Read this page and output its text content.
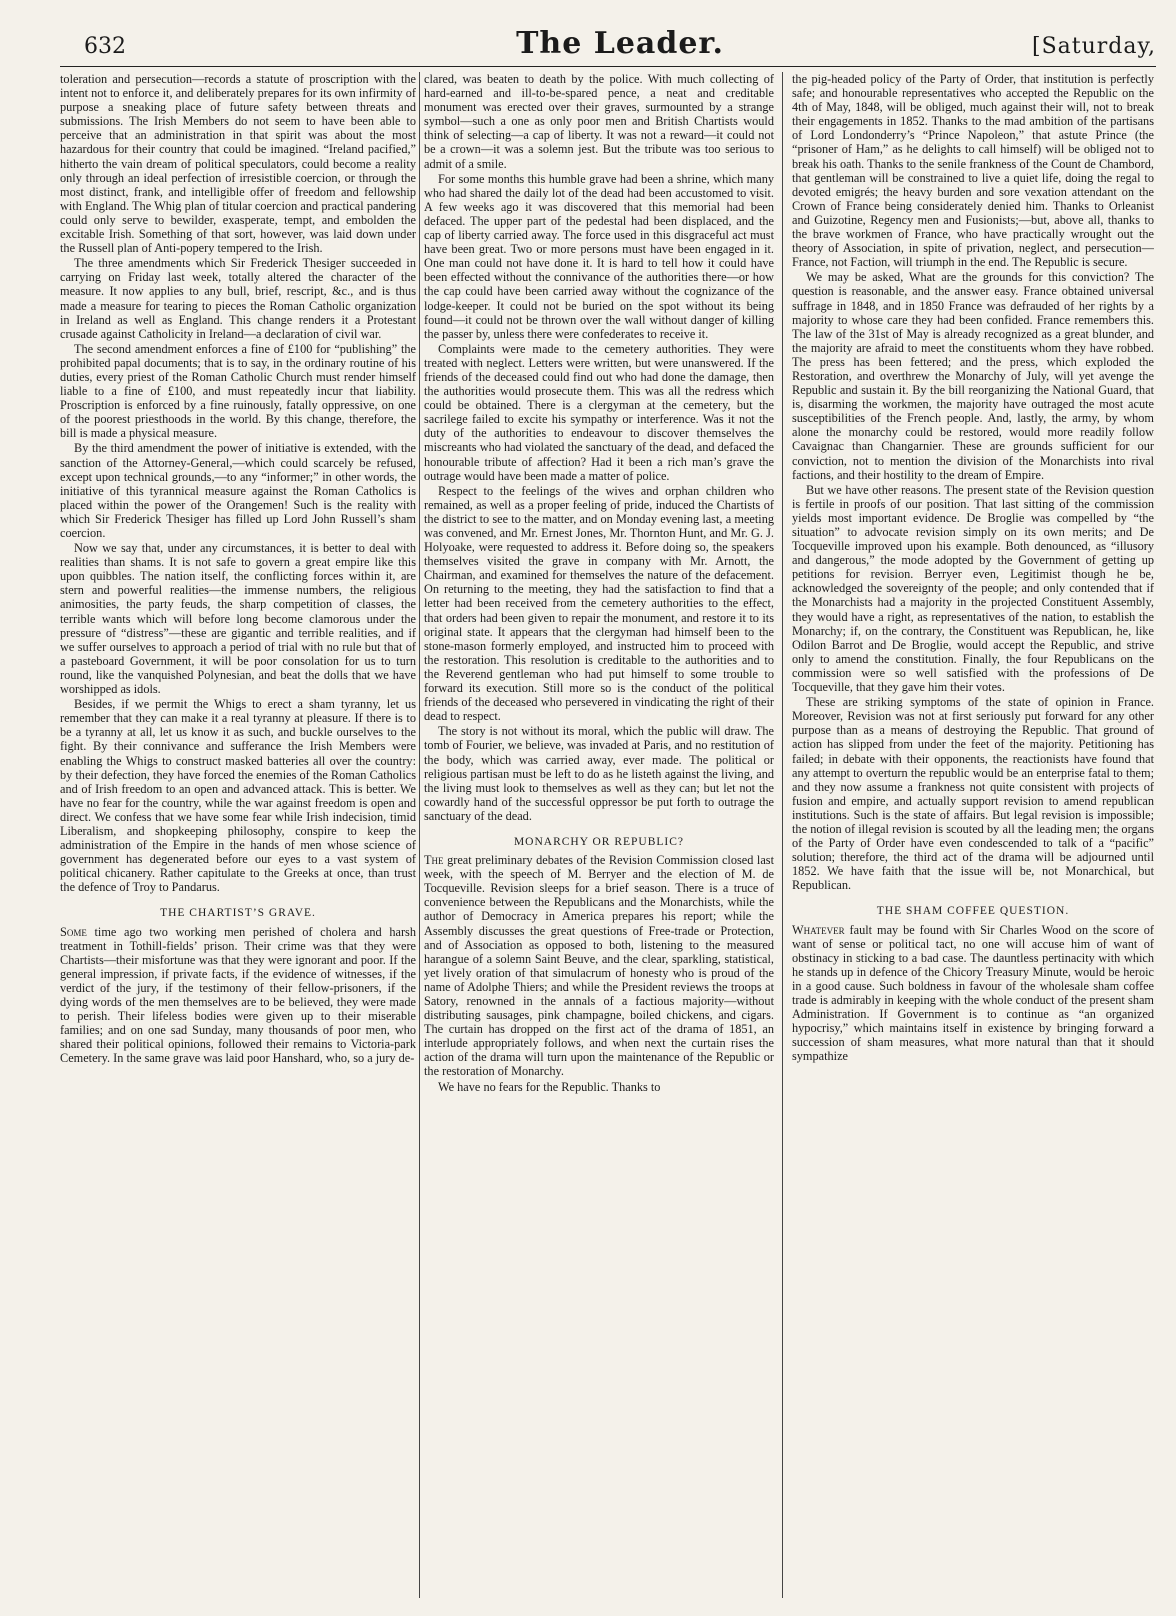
632	The Leader.	[Saturday,

toleration and persecution—records a statute of proscription with the intent not to enforce it, and deliberately prepares for its own infirmity of purpose a sneaking place of future safety between threats and submissions. The Irish Members do not seem to have been able to perceive that an administration in that spirit was about the most hazardous for their country that could be imagined. “Ireland pacified,” hitherto the vain dream of political speculators, could become a reality only through an ideal perfection of irresistible coercion, or through the most distinct, frank, and intelligible offer of freedom and fellowship with England. The Whig plan of titular coercion and practical pandering could only serve to bewilder, exasperate, tempt, and embolden the excitable Irish. Something of that sort, however, was laid down under the Russell plan of Anti-popery tempered to the Irish.

The three amendments which Sir Frederick Thesiger succeeded in carrying on Friday last week, totally altered the character of the measure. It now applies to any bull, brief, rescript, &c., and is thus made a measure for tearing to pieces the Roman Catholic organization in Ireland as well as England. This change renders it a Protestant crusade against Catholicity in Ireland—a declaration of civil war.

The second amendment enforces a fine of £100 for “publishing” the prohibited papal documents; that is to say, in the ordinary routine of his duties, every priest of the Roman Catholic Church must render himself liable to a fine of £100, and must repeatedly incur that liability. Proscription is enforced by a fine ruinously, fatally oppressive, on one of the poorest priesthoods in the world. By this change, therefore, the bill is made a physical measure.

By the third amendment the power of initiative is extended, with the sanction of the Attorney-General,—which could scarcely be refused, except upon technical grounds,—to any “informer;” in other words, the initiative of this tyrannical measure against the Roman Catholics is placed within the power of the Orangemen! Such is the reality with which Sir Frederick Thesiger has filled up Lord John Russell’s sham coercion.

Now we say that, under any circumstances, it is better to deal with realities than shams. It is not safe to govern a great empire like this upon quibbles. The nation itself, the conflicting forces within it, are stern and powerful realities—the immense numbers, the religious animosities, the party feuds, the sharp competition of classes, the terrible wants which will before long become clamorous under the pressure of “distress”—these are gigantic and terrible realities, and if we suffer ourselves to approach a period of trial with no rule but that of a pasteboard Government, it will be poor consolation for us to turn round, like the vanquished Polynesian, and beat the dolls that we have worshipped as idols.

Besides, if we permit the Whigs to erect a sham tyranny, let us remember that they can make it a real tyranny at pleasure. If there is to be a tyranny at all, let us know it as such, and buckle ourselves to the fight. By their connivance and sufferance the Irish Members were enabling the Whigs to construct masked batteries all over the country: by their defection, they have forced the enemies of the Roman Catholics and of Irish freedom to an open and advanced attack. This is better. We have no fear for the country, while the war against freedom is open and direct. We confess that we have some fear while Irish indecision, timid Liberalism, and shopkeeping philosophy, conspire to keep the administration of the Empire in the hands of men whose science of government has degenerated before our eyes to a vast system of political chicanery. Rather capitulate to the Greeks at once, than trust the defence of Troy to Pandarus.

THE CHARTIST’S GRAVE.

Some time ago two working men perished of cholera and harsh treatment in Tothill-fields’ prison. Their crime was that they were Chartists—their misfortune was that they were ignorant and poor. If the general impression, if private facts, if the evidence of witnesses, if the verdict of the jury, if the testimony of their fellow-prisoners, if the dying words of the men themselves are to be believed, they were made to perish. Their lifeless bodies were given up to their miserable families; and on one sad Sunday, many thousands of poor men, who shared their political opinions, followed their remains to Victoria-park Cemetery. In the same grave was laid poor Hanshard, who, so a jury de-

clared, was beaten to death by the police. With much collecting of hard-earned and ill-to-be-spared pence, a neat and creditable monument was erected over their graves, surmounted by a strange symbol—such a one as only poor men and British Chartists would think of selecting—a cap of liberty. It was not a reward—it could not be a crown—it was a solemn jest. But the tribute was too serious to admit of a smile.

For some months this humble grave had been a shrine, which many who had shared the daily lot of the dead had been accustomed to visit. A few weeks ago it was discovered that this memorial had been defaced. The upper part of the pedestal had been displaced, and the cap of liberty carried away. The force used in this disgraceful act must have been great. Two or more persons must have been engaged in it. One man could not have done it. It is hard to tell how it could have been effected without the connivance of the authorities there—or how the cap could have been carried away without the cognizance of the lodge-keeper. It could not be buried on the spot without its being found—it could not be thrown over the wall without danger of killing the passer by, unless there were confederates to receive it.

Complaints were made to the cemetery authorities. They were treated with neglect. Letters were written, but were unanswered. If the friends of the deceased could find out who had done the damage, then the authorities would prosecute them. This was all the redress which could be obtained. There is a clergyman at the cemetery, but the sacrilege failed to excite his sympathy or interference. Was it not the duty of the authorities to endeavour to discover themselves the miscreants who had violated the sanctuary of the dead, and defaced the honourable tribute of affection? Had it been a rich man’s grave the outrage would have been made a matter of police.

Respect to the feelings of the wives and orphan children who remained, as well as a proper feeling of pride, induced the Chartists of the district to see to the matter, and on Monday evening last, a meeting was convened, and Mr. Ernest Jones, Mr. Thornton Hunt, and Mr. G. J. Holyoake, were requested to address it. Before doing so, the speakers themselves visited the grave in company with Mr. Arnott, the Chairman, and examined for themselves the nature of the defacement. On returning to the meeting, they had the satisfaction to find that a letter had been received from the cemetery authorities to the effect, that orders had been given to repair the monument, and restore it to its original state. It appears that the clergyman had himself been to the stone-mason formerly employed, and instructed him to proceed with the restoration. This resolution is creditable to the authorities and to the Reverend gentleman who had put himself to some trouble to forward its execution. Still more so is the conduct of the political friends of the deceased who persevered in vindicating the right of their dead to respect.

The story is not without its moral, which the public will draw. The tomb of Fourier, we believe, was invaded at Paris, and no restitution of the body, which was carried away, ever made. The political or religious partisan must be left to do as he listeth against the living, and the living must look to themselves as well as they can; but let not the cowardly hand of the successful oppressor be put forth to outrage the sanctuary of the dead.

MONARCHY OR REPUBLIC?

The great preliminary debates of the Revision Commission closed last week, with the speech of M. Berryer and the election of M. de Tocqueville. Revision sleeps for a brief season. There is a truce of convenience between the Republicans and the Monarchists, while the author of Democracy in America prepares his report; while the Assembly discusses the great questions of Free-trade or Protection, and of Association as opposed to both, listening to the measured harangue of a solemn Saint Beuve, and the clear, sparkling, statistical, yet lively oration of that simulacrum of honesty who is proud of the name of Adolphe Thiers; and while the President reviews the troops at Satory, renowned in the annals of a factious majority—without distributing sausages, pink champagne, boiled chickens, and cigars. The curtain has dropped on the first act of the drama of 1851, an interlude appropriately follows, and when next the curtain rises the action of the drama will turn upon the maintenance of the Republic or the restoration of Monarchy.

We have no fears for the Republic. Thanks to

the pig-headed policy of the Party of Order, that institution is perfectly safe; and honourable representatives who accepted the Republic on the 4th of May, 1848, will be obliged, much against their will, not to break their engagements in 1852. Thanks to the mad ambition of the partisans of Lord Londonderry’s “Prince Napoleon,” that astute Prince (the “prisoner of Ham,” as he delights to call himself) will be obliged not to break his oath. Thanks to the senile frankness of the Count de Chambord, that gentleman will be constrained to live a quiet life, doing the regal to devoted emigrés; the heavy burden and sore vexation attendant on the Crown of France being considerately denied him. Thanks to Orleanist and Guizotine, Regency men and Fusionists;—but, above all, thanks to the brave workmen of France, who have practically wrought out the theory of Association, in spite of privation, neglect, and persecution—France, not Faction, will triumph in the end. The Republic is secure.

We may be asked, What are the grounds for this conviction? The question is reasonable, and the answer easy. France obtained universal suffrage in 1848, and in 1850 France was defrauded of her rights by a majority to whose care they had been confided. France remembers this. The law of the 31st of May is already recognized as a great blunder, and the majority are afraid to meet the constituents whom they have robbed. The press has been fettered; and the press, which exploded the Restoration, and overthrew the Monarchy of July, will yet avenge the Republic and sustain it. By the bill reorganizing the National Guard, that is, disarming the workmen, the majority have outraged the most acute susceptibilities of the French people. And, lastly, the army, by whom alone the monarchy could be restored, would more readily follow Cavaignac than Changarnier. These are grounds sufficient for our conviction, not to mention the division of the Monarchists into rival factions, and their hostility to the dream of Empire.

But we have other reasons. The present state of the Revision question is fertile in proofs of our position. That last sitting of the commission yields most important evidence. De Broglie was compelled by “the situation” to advocate revision simply on its own merits; and De Tocqueville improved upon his example. Both denounced, as “illusory and dangerous,” the mode adopted by the Government of getting up petitions for revision. Berryer even, Legitimist though he be, acknowledged the sovereignty of the people; and only contended that if the Monarchists had a majority in the projected Constituent Assembly, they would have a right, as representatives of the nation, to establish the Monarchy; if, on the contrary, the Constituent was Republican, he, like Odilon Barrot and De Broglie, would accept the Republic, and strive only to amend the constitution. Finally, the four Republicans on the commission were so well satisfied with the professions of De Tocqueville, that they gave him their votes.

These are striking symptoms of the state of opinion in France. Moreover, Revision was not at first seriously put forward for any other purpose than as a means of destroying the Republic. That ground of action has slipped from under the feet of the majority. Petitioning has failed; in debate with their opponents, the reactionists have found that any attempt to overturn the republic would be an enterprise fatal to them; and they now assume a frankness not quite consistent with projects of fusion and empire, and actually support revision to amend republican institutions. Such is the state of affairs. But legal revision is impossible; the notion of illegal revision is scouted by all the leading men; the organs of the Party of Order have even condescended to talk of a “pacific” solution; therefore, the third act of the drama will be adjourned until 1852. We have faith that the issue will be, not Monarchical, but Republican.

THE SHAM COFFEE QUESTION.

Whatever fault may be found with Sir Charles Wood on the score of want of sense or political tact, no one will accuse him of want of obstinacy in sticking to a bad case. The dauntless pertinacity with which he stands up in defence of the Chicory Treasury Minute, would be heroic in a good cause. Such boldness in favour of the wholesale sham coffee trade is admirably in keeping with the whole conduct of the present sham Administration. If Government is to continue as “an organized hypocrisy,” which maintains itself in existence by bringing forward a succession of sham measures, what more natural than that it should sympathize
